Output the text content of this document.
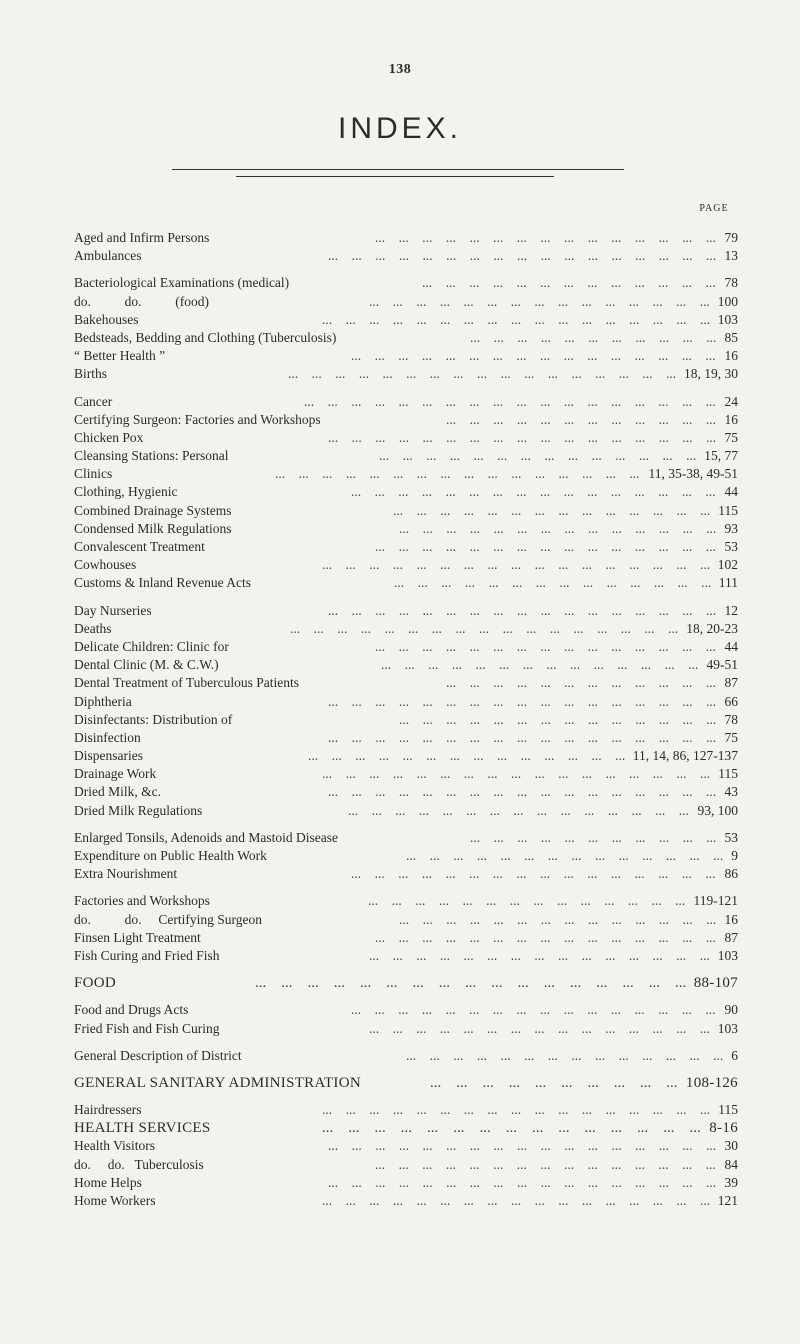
138
INDEX.
PAGE
Aged and Infirm Persons	...    ...    ...    ...    ...    ...    ...    ...    ...    ...    ...    ...    ...    ...    ... 79
Ambulances	...    ...    ...    ...    ...    ...    ...    ...    ...    ...    ...    ...    ...    ...    ...    ...    ... 13
Bacteriological Examinations (medical)	...    ...    ...    ...    ...    ...    ...    ...    ...    ...    ...    ...    ... 78
do.          do.          (food)	...    ...    ...    ...    ...    ...    ...    ...    ...    ...    ...    ...    ...    ...    ... 100
Bakehouses	...    ...    ...    ...    ...    ...    ...    ...    ...    ...    ...    ...    ...    ...    ...    ...    ... 103
Bedsteads, Bedding and Clothing (Tuberculosis)	...    ...    ...    ...    ...    ...    ...    ...    ...    ...    ... 85
“ Better Health ”	...    ...    ...    ...    ...    ...    ...    ...    ...    ...    ...    ...    ...    ...    ...    ... 16
Births	...    ...    ...    ...    ...    ...    ...    ...    ...    ...    ...    ...    ...    ...    ...    ...    ... 18, 19, 30
Cancer	...    ...    ...    ...    ...    ...    ...    ...    ...    ...    ...    ...    ...    ...    ...    ...    ...    ... 24
Certifying Surgeon: Factories and Workshops	...    ...    ...    ...    ...    ...    ...    ...    ...    ...    ...    ... 16
Chicken Pox	...    ...    ...    ...    ...    ...    ...    ...    ...    ...    ...    ...    ...    ...    ...    ...    ... 75
Cleansing Stations: Personal	...    ...    ...    ...    ...    ...    ...    ...    ...    ...    ...    ...    ...    ... 15, 77
Clinics	...    ...    ...    ...    ...    ...    ...    ...    ...    ...    ...    ...    ...    ...    ...    ... 11, 35-38, 49-51
Clothing, Hygienic	...    ...    ...    ...    ...    ...    ...    ...    ...    ...    ...    ...    ...    ...    ...    ... 44
Combined Drainage Systems	...    ...    ...    ...    ...    ...    ...    ...    ...    ...    ...    ...    ...    ... 115
Condensed Milk Regulations	...    ...    ...    ...    ...    ...    ...    ...    ...    ...    ...    ...    ...    ... 93
Convalescent Treatment	...    ...    ...    ...    ...    ...    ...    ...    ...    ...    ...    ...    ...    ...    ... 53
Cowhouses	...    ...    ...    ...    ...    ...    ...    ...    ...    ...    ...    ...    ...    ...    ...    ...    ... 102
Customs & Inland Revenue Acts	...    ...    ...    ...    ...    ...    ...    ...    ...    ...    ...    ...    ...    ... 111
Day Nurseries	...    ...    ...    ...    ...    ...    ...    ...    ...    ...    ...    ...    ...    ...    ...    ...    ... 12
Deaths	...    ...    ...    ...    ...    ...    ...    ...    ...    ...    ...    ...    ...    ...    ...    ...    ... 18, 20-23
Delicate Children: Clinic for	...    ...    ...    ...    ...    ...    ...    ...    ...    ...    ...    ...    ...    ...    ... 44
Dental Clinic (M. & C.W.)	...    ...    ...    ...    ...    ...    ...    ...    ...    ...    ...    ...    ...    ... 49-51
Dental Treatment of Tuberculous Patients	...    ...    ...    ...    ...    ...    ...    ...    ...    ...    ...    ... 87
Diphtheria	...    ...    ...    ...    ...    ...    ...    ...    ...    ...    ...    ...    ...    ...    ...    ...    ... 66
Disinfectants: Distribution of	...    ...    ...    ...    ...    ...    ...    ...    ...    ...    ...    ...    ...    ... 78
Disinfection	...    ...    ...    ...    ...    ...    ...    ...    ...    ...    ...    ...    ...    ...    ...    ...    ... 75
Dispensaries	...    ...    ...    ...    ...    ...    ...    ...    ...    ...    ...    ...    ...    ... 11, 14, 86, 127-137
Drainage Work	...    ...    ...    ...    ...    ...    ...    ...    ...    ...    ...    ...    ...    ...    ...    ...    ... 115
Dried Milk, &c.	...    ...    ...    ...    ...    ...    ...    ...    ...    ...    ...    ...    ...    ...    ...    ...    ... 43
Dried Milk Regulations	...    ...    ...    ...    ...    ...    ...    ...    ...    ...    ...    ...    ...    ...    ... 93, 100
Enlarged Tonsils, Adenoids and Mastoid Disease	...    ...    ...    ...    ...    ...    ...    ...    ...    ...    ... 53
Expenditure on Public Health Work	...    ...    ...    ...    ...    ...    ...    ...    ...    ...    ...    ...    ...    ... 9
Extra Nourishment	...    ...    ...    ...    ...    ...    ...    ...    ...    ...    ...    ...    ...    ...    ...    ... 86
Factories and Workshops	...    ...    ...    ...    ...    ...    ...    ...    ...    ...    ...    ...    ...    ... 119-121
do.          do.     Certifying Surgeon	...    ...    ...    ...    ...    ...    ...    ...    ...    ...    ...    ...    ...    ... 16
Finsen Light Treatment	...    ...    ...    ...    ...    ...    ...    ...    ...    ...    ...    ...    ...    ...    ... 87
Fish Curing and Fried Fish	...    ...    ...    ...    ...    ...    ...    ...    ...    ...    ...    ...    ...    ...    ... 103
FOOD	...    ...    ...    ...    ...    ...    ...    ...    ...    ...    ...    ...    ...    ...    ...    ...    ... 88-107
Food and Drugs Acts	...    ...    ...    ...    ...    ...    ...    ...    ...    ...    ...    ...    ...    ...    ...    ... 90
Fried Fish and Fish Curing	...    ...    ...    ...    ...    ...    ...    ...    ...    ...    ...    ...    ...    ...    ... 103
General Description of District	...    ...    ...    ...    ...    ...    ...    ...    ...    ...    ...    ...    ...    ... 6
GENERAL SANITARY ADMINISTRATION	...    ...    ...    ...    ...    ...    ...    ...    ...    ... 108-126
Hairdressers	...    ...    ...    ...    ...    ...    ...    ...    ...    ...    ...    ...    ...    ...    ...    ...    ... 115
HEALTH SERVICES	...    ...    ...    ...    ...    ...    ...    ...    ...    ...    ...    ...    ...    ...    ... 8-16
Health Visitors	...    ...    ...    ...    ...    ...    ...    ...    ...    ...    ...    ...    ...    ...    ...    ...    ... 30
do.     do.   Tuberculosis	...    ...    ...    ...    ...    ...    ...    ...    ...    ...    ...    ...    ...    ...    ... 84
Home Helps	...    ...    ...    ...    ...    ...    ...    ...    ...    ...    ...    ...    ...    ...    ...    ...    ... 39
Home Workers	...    ...    ...    ...    ...    ...    ...    ...    ...    ...    ...    ...    ...    ...    ...    ...    ... 121
